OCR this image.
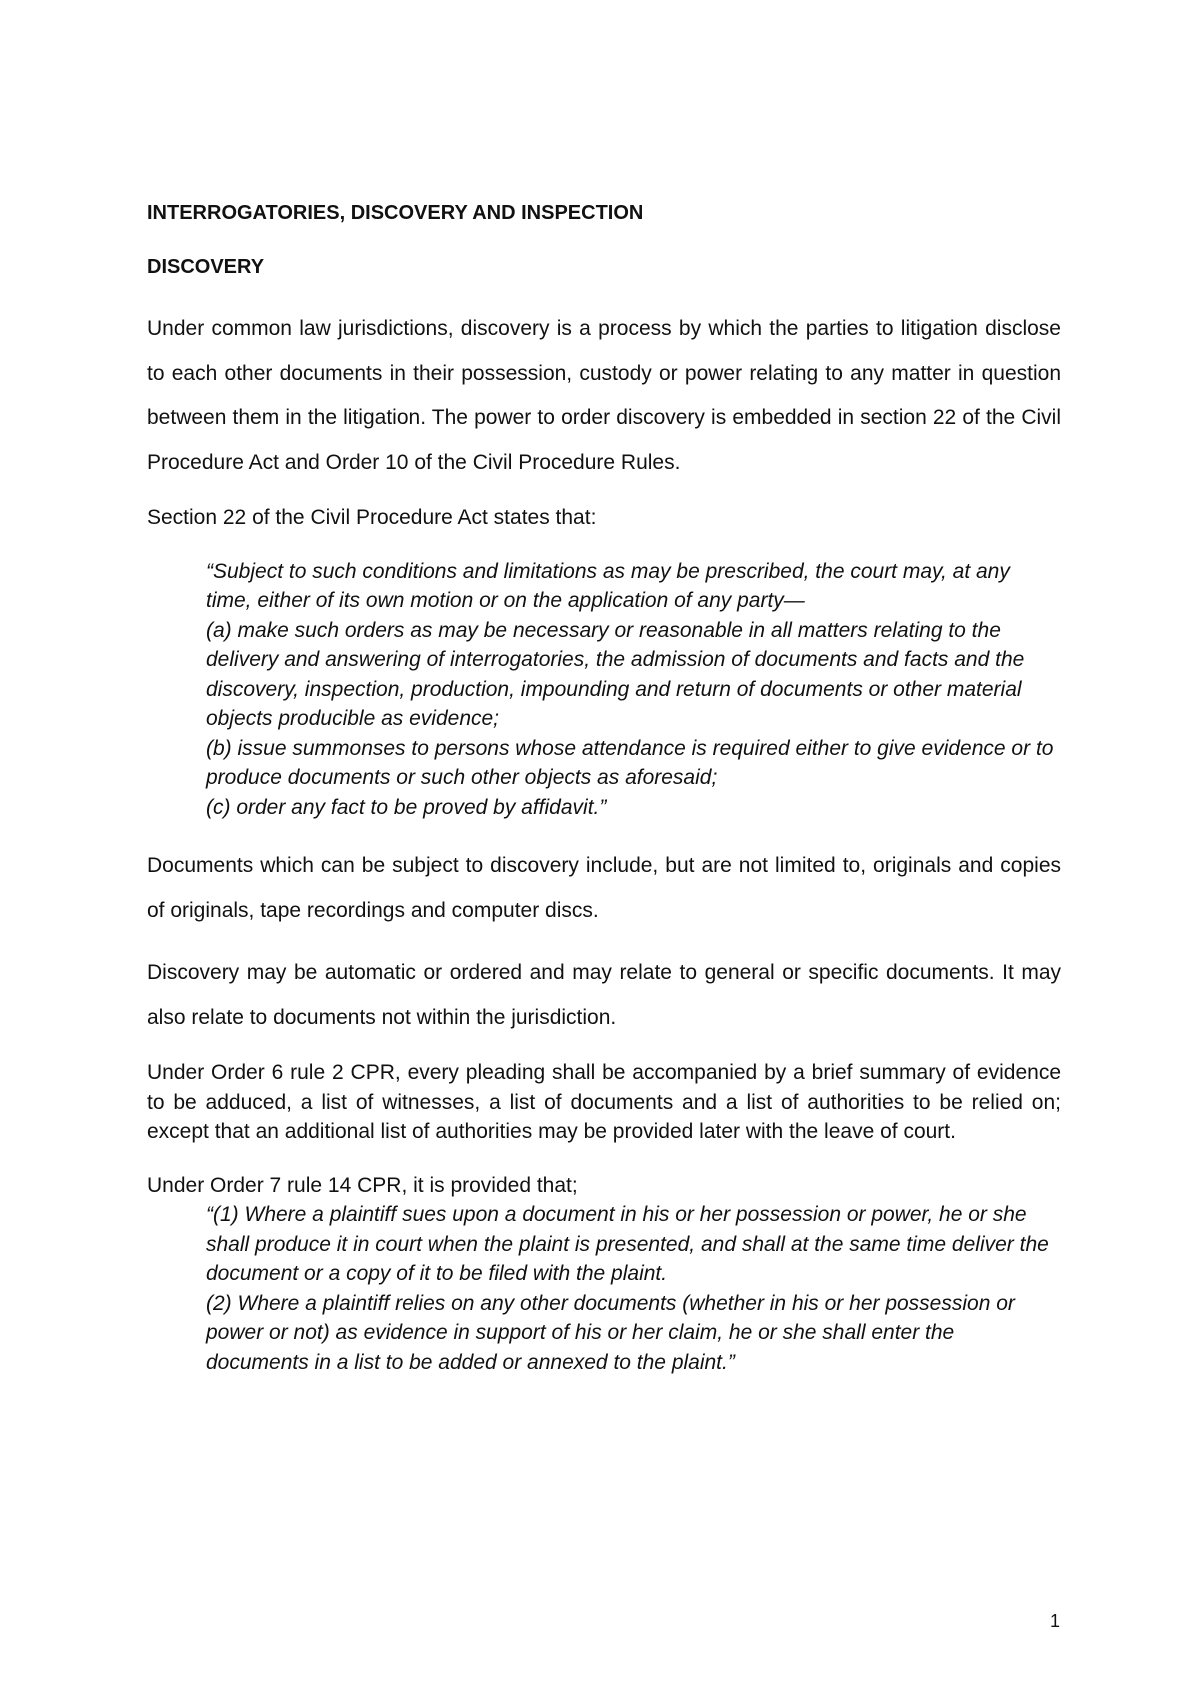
INTERROGATORIES, DISCOVERY AND INSPECTION

DISCOVERY

Under common law jurisdictions, discovery is a process by which the parties to litigation disclose to each other documents in their possession, custody or power relating to any matter in question between them in the litigation. The power to order discovery is embedded in section 22 of the Civil Procedure Act and Order 10 of the Civil Procedure Rules.

Section 22 of the Civil Procedure Act states that:

“Subject to such conditions and limitations as may be prescribed, the court may, at any time, either of its own motion or on the application of any party—
(a) make such orders as may be necessary or reasonable in all matters relating to the delivery and answering of interrogatories, the admission of documents and facts and the discovery, inspection, production, impounding and return of documents or other material objects producible as evidence;
(b) issue summonses to persons whose attendance is required either to give evidence or to produce documents or such other objects as aforesaid;
(c) order any fact to be proved by affidavit.”

Documents which can be subject to discovery include, but are not limited to, originals and copies of originals, tape recordings and computer discs.

Discovery may be automatic or ordered and may relate to general or specific documents. It may also relate to documents not within the jurisdiction.

Under Order 6 rule 2 CPR, every pleading shall be accompanied by a brief summary of evidence to be adduced, a list of witnesses, a list of documents and a list of authorities to be relied on; except that an additional list of authorities may be provided later with the leave of court.

Under Order 7 rule 14 CPR, it is provided that;

“(1) Where a plaintiff sues upon a document in his or her possession or power, he or she shall produce it in court when the plaint is presented, and shall at the same time deliver the document or a copy of it to be filed with the plaint.
(2) Where a plaintiff relies on any other documents (whether in his or her possession or power or not) as evidence in support of his or her claim, he or she shall enter the documents in a list to be added or annexed to the plaint.”
1
